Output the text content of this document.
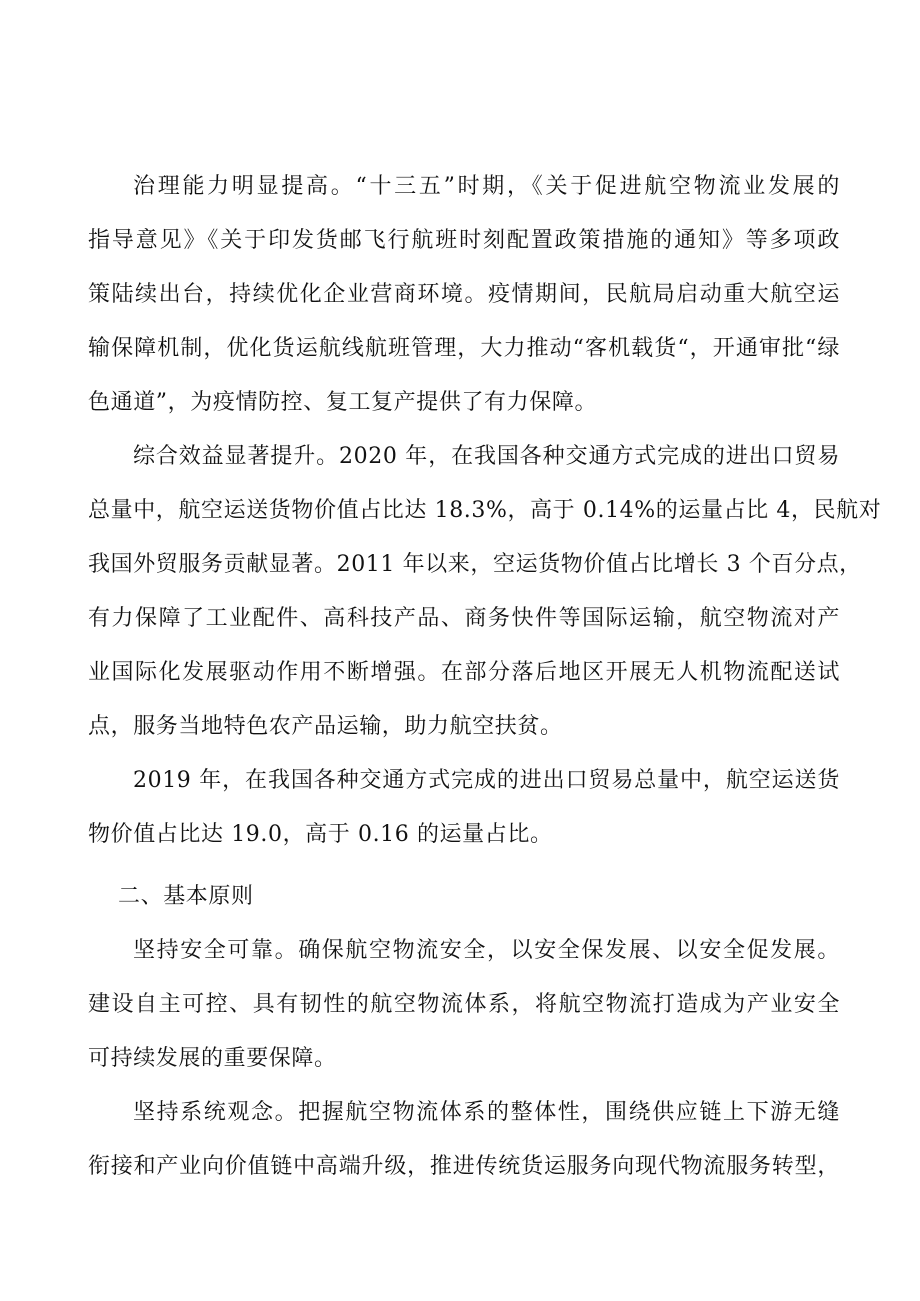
治理能力明显提高。“十三五”时期，《关于促进航空物流业发展的
指导意见》《关于印发货邮飞行航班时刻配置政策措施的通知》等多项政
策陆续出台，持续优化企业营商环境。疫情期间，民航局启动重大航空运
输保障机制，优化货运航线航班管理，大力推动“客机载货“，开通审批“绿
色通道”，为疫情防控、复工复产提供了有力保障。
综合效益显著提升。2020 年，在我国各种交通方式完成的进出口贸易
总量中，航空运送货物价值占比达 18.3%，高于 0.14%的运量占比 4，民航对
我国外贸服务贡献显著。2011 年以来，空运货物价值占比增长 3 个百分点，
有力保障了工业配件、高科技产品、商务快件等国际运输，航空物流对产
业国际化发展驱动作用不断增强。在部分落后地区开展无人机物流配送试
点，服务当地特色农产品运输，助力航空扶贫。
2019 年，在我国各种交通方式完成的进出口贸易总量中，航空运送货
物价值占比达 19.0，高于 0.16 的运量占比。
二、基本原则
坚持安全可靠。确保航空物流安全，以安全保发展、以安全促发展。
建设自主可控、具有韧性的航空物流体系，将航空物流打造成为产业安全
可持续发展的重要保障。
坚持系统观念。把握航空物流体系的整体性，围绕供应链上下游无缝
衔接和产业向价值链中高端升级，推进传统货运服务向现代物流服务转型，
